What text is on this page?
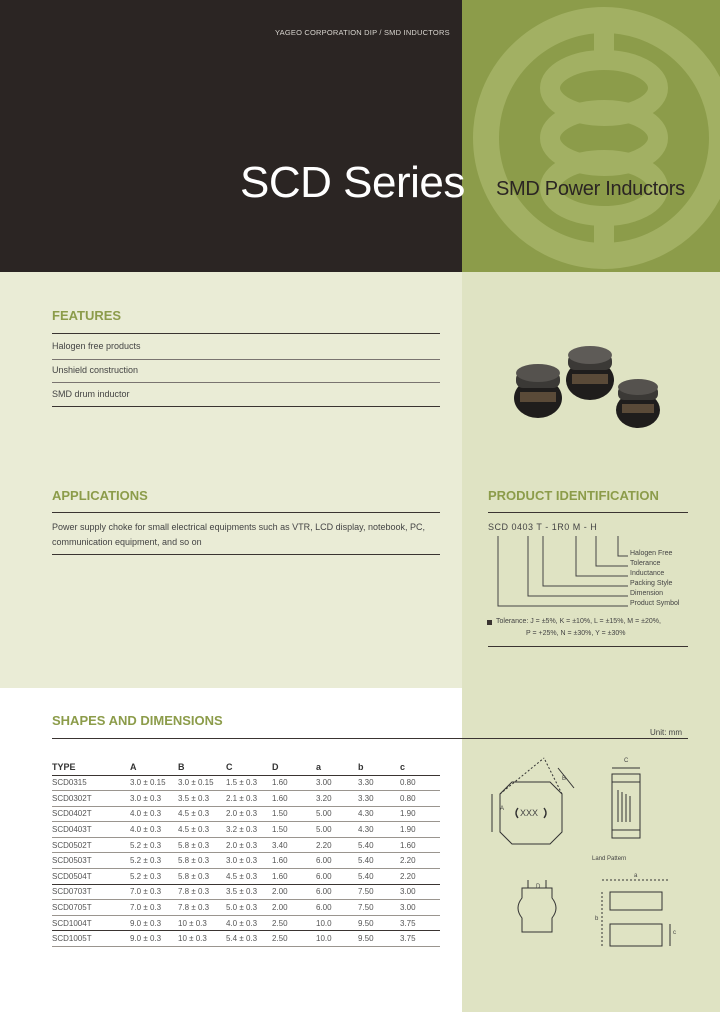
YAGEO CORPORATION DIP / SMD INDUCTORS
SCD Series SMD Power Inductors
FEATURES
Halogen free products
Unshield construction
SMD drum inductor
APPLICATIONS
Power supply choke for small electrical equipments such as VTR, LCD display, notebook, PC, communication equipment, and so on
PRODUCT IDENTIFICATION
SCD 0403 T - 1R0 M - H
Halogen Free
Tolerance
Inductance
Packing Style
Dimension
Product Symbol
Tolerance: J = ±5%, K = ±10%, L = ±15%, M = ±20%,
P = +25%, N = ±30%, Y = ±30%
SHAPES AND DIMENSIONS
Unit: mm
TYPE	A	B	C	D	a	b	c
SCD0315	3.0 ± 0.15	3.0 ± 0.15	1.5 ± 0.3	1.60	3.00	3.30	0.80
SCD0302T	3.0 ± 0.3	3.5 ± 0.3	2.1 ± 0.3	1.60	3.20	3.30	0.80
SCD0402T	4.0 ± 0.3	4.5 ± 0.3	2.0 ± 0.3	1.50	5.00	4.30	1.90
SCD0403T	4.0 ± 0.3	4.5 ± 0.3	3.2 ± 0.3	1.50	5.00	4.30	1.90
SCD0502T	5.2 ± 0.3	5.8 ± 0.3	2.0 ± 0.3	3.40	2.20	5.40	1.60
SCD0503T	5.2 ± 0.3	5.8 ± 0.3	3.0 ± 0.3	1.60	6.00	5.40	2.20
SCD0504T	5.2 ± 0.3	5.8 ± 0.3	4.5 ± 0.3	1.60	6.00	5.40	2.20
SCD0703T	7.0 ± 0.3	7.8 ± 0.3	3.5 ± 0.3	2.00	6.00	7.50	3.00
SCD0705T	7.0 ± 0.3	7.8 ± 0.3	5.0 ± 0.3	2.00	6.00	7.50	3.00
SCD1004T	9.0 ± 0.3	10 ± 0.3	4.0 ± 0.3	2.50	10.0	9.50	3.75
SCD1005T	9.0 ± 0.3	10 ± 0.3	5.4 ± 0.3	2.50	10.0	9.50	3.75
XXX
A
B
C
D
Land Pattern
a
b
c
